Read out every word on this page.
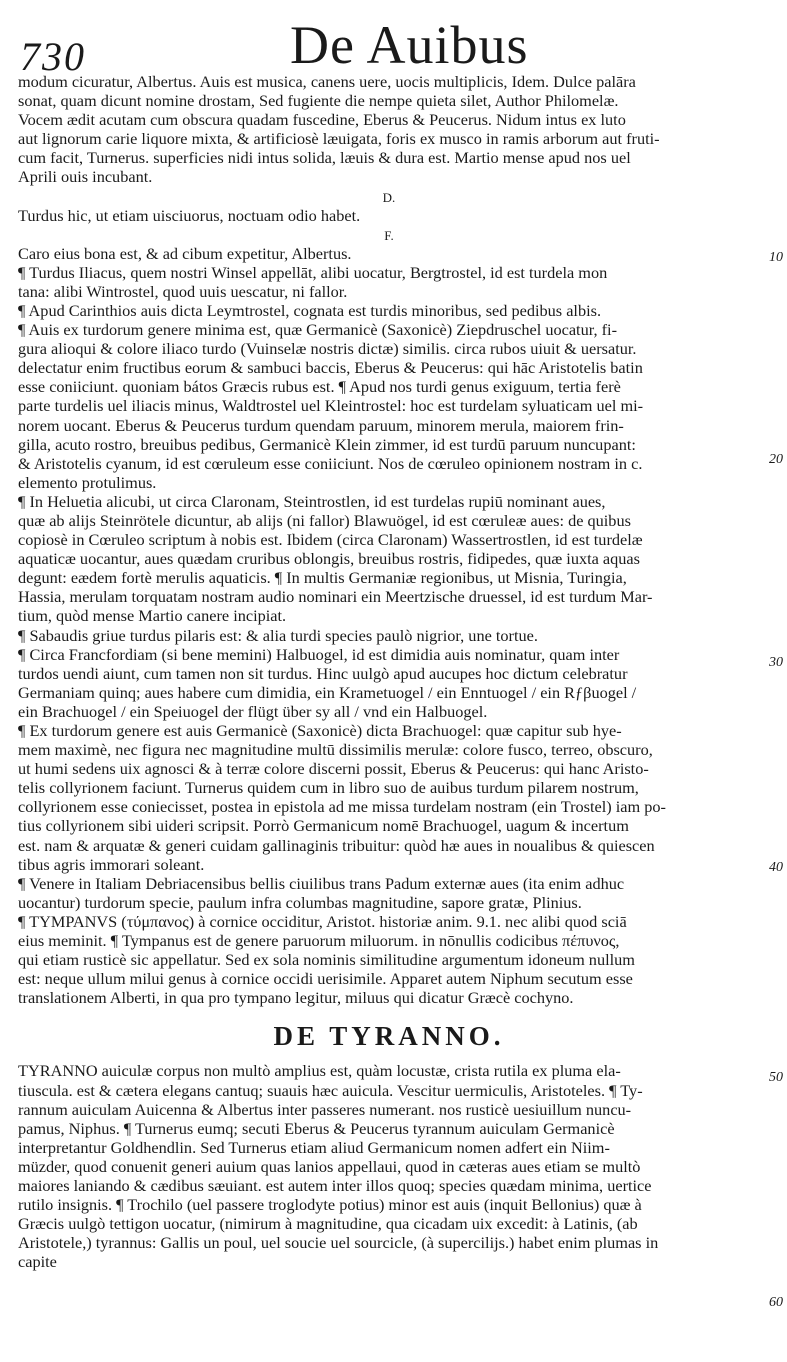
730	De Auibus
modum cicuratur, Albertus. Auis est musica, canens uere, uocis multiplicis, Idem. Dulce palāra
sonat, quam dicunt nomine drostam, Sed fugiente die nempe quieta silet, Author Philomelæ.
Vocem ædit acutam cum obscura quadam fuscedine, Eberus & Peucerus. Nidum intus ex luto
aut lignorum carie liquore mixta, & artificiosè læuigata, foris ex musco in ramis arborum aut fruti-
cum facit, Turnerus. superficies nidi intus solida, læuis & dura est. Martio mense apud nos uel
Aprili ouis incubant.
D.
Turdus hic, ut etiam uisciuorus, noctuam odio habet.
F.
Caro eius bona est, & ad cibum expetitur, Albertus.
¶ Turdus Iliacus, quem nostri Winsel appellāt, alibi uocatur, Bergtrostel, id est turdela mon
tana: alibi Wintrostel, quod uuis uescatur, ni fallor.
¶ Apud Carinthios auis dicta Leymtrostel, cognata est turdis minoribus, sed pedibus albis.
¶ Auis ex turdorum genere minima est, quæ Germanicè (Saxonicè) Ziepdruschel uocatur, fi-
gura alioqui & colore iliaco turdo (Vuinselæ nostris dictæ) similis. circa rubos uiuit & uersatur.
delectatur enim fructibus eorum & sambuci baccis, Eberus & Peucerus: qui hāc Aristotelis batin
esse coniiciunt. quoniam bátos Græcis rubus est. ¶ Apud nos turdi genus exiguum, tertia ferè
parte turdelis uel iliacis minus, Waldtrostel uel Kleintrostel: hoc est turdelam syluaticam uel mi-
norem uocant. Eberus & Peucerus turdum quendam paruum, minorem merula, maiorem frin-
gilla, acuto rostro, breuibus pedibus, Germanicè Klein zimmer, id est turdū paruum nuncupant:
& Aristotelis cyanum, id est cœruleum esse coniiciunt. Nos de cœruleo opinionem nostram in c.
elemento protulimus.
¶ In Heluetia alicubi, ut circa Claronam, Steintrostlen, id est turdelas rupiū nominant aues,
quæ ab alijs Steinrötele dicuntur, ab alijs (ni fallor) Blawuögel, id est cœruleæ aues: de quibus
copiosè in Cœruleo scriptum à nobis est. Ibidem (circa Claronam) Wassertrostlen, id est turdelæ
aquaticæ uocantur, aues quædam cruribus oblongis, breuibus rostris, fidipedes, quæ iuxta aquas
degunt: eædem fortè merulis aquaticis. ¶ In multis Germaniæ regionibus, ut Misnia, Turingia,
Hassia, merulam torquatam nostram audio nominari ein Meertzische druessel, id est turdum Mar-
tium, quòd mense Martio canere incipiat.
¶ Sabaudis griue turdus pilaris est: & alia turdi species paulò nigrior, une tortue.
¶ Circa Francfordiam (si bene memini) Halbuogel, id est dimidia auis nominatur, quam inter
turdos uendi aiunt, cum tamen non sit turdus. Hinc uulgò apud aucupes hoc dictum celebratur
Germaniam quinq; aues habere cum dimidia, ein Krametuogel / ein Enntuogel / ein Rƒβuogel /
ein Brachuogel / ein Speiuogel der flügt über sy all / vnd ein Halbuogel.
¶ Ex turdorum genere est auis Germanicè (Saxonicè) dicta Brachuogel: quæ capitur sub hye-
mem maximè, nec figura nec magnitudine multū dissimilis merulæ: colore fusco, terreo, obscuro,
ut humi sedens uix agnosci & à terræ colore discerni possit, Eberus & Peucerus: qui hanc Aristo-
telis collyrionem faciunt. Turnerus quidem cum in libro suo de auibus turdum pilarem nostrum,
collyrionem esse coniecisset, postea in epistola ad me missa turdelam nostram (ein Trostel) iam po-
tius collyrionem sibi uideri scripsit. Porrò Germanicum nomē Brachuogel, uagum & incertum
est. nam & arquatæ & generi cuidam gallinaginis tribuitur: quòd hæ aues in noualibus & quiescen
tibus agris immorari soleant.
¶ Venere in Italiam Debriacensibus bellis ciuilibus trans Padum externæ aues (ita enim adhuc
uocantur) turdorum specie, paulum infra columbas magnitudine, sapore gratæ, Plinius.
¶ TYMPANVS (τύμπανος) à cornice occiditur, Aristot. historiæ anim. 9.1. nec alibi quod sciā
eius meminit. ¶ Tympanus est de genere paruorum miluorum. in nōnullis codicibus πέπυνος,
qui etiam rusticè sic appellatur. Sed ex sola nominis similitudine argumentum idoneum nullum
est: neque ullum milui genus à cornice occidi uerisimile. Apparet autem Niphum secutum esse
translationem Alberti, in qua pro tympano legitur, miluus qui dicatur Græcè cochyno.
DE TYRANNO.
TYRANNO auiculæ corpus non multò amplius est, quàm locustæ, crista rutila ex pluma ela-
tiuscula. est & cætera elegans cantuq; suauis hæc auicula. Vescitur uermiculis, Aristoteles. ¶ Ty-
rannum auiculam Auicenna & Albertus inter passeres numerant. nos rusticè uesiuillum nuncu-
pamus, Niphus. ¶ Turnerus eumq; secuti Eberus & Peucerus tyrannum auiculam Germanicè
interpretantur Goldhendlin. Sed Turnerus etiam aliud Germanicum nomen adfert ein Niim-
müzder, quod conuenit generi auium quas lanios appellaui, quod in cæteras aues etiam se multò
maiores laniando & cædibus sæuiant. est autem inter illos quoq; species quædam minima, uertice
rutilo insignis. ¶ Trochilo (uel passere troglodyte potius) minor est auis (inquit Bellonius) quæ à
Græcis uulgò tettigon uocatur, (nimirum à magnitudine, qua cicadam uix excedit: à Latinis, (ab
Aristotele,) tyrannus: Gallis un poul, uel soucie uel sourcicle, (à supercilijs.) habet enim plumas in
capite
10
20
30
40
50
60
